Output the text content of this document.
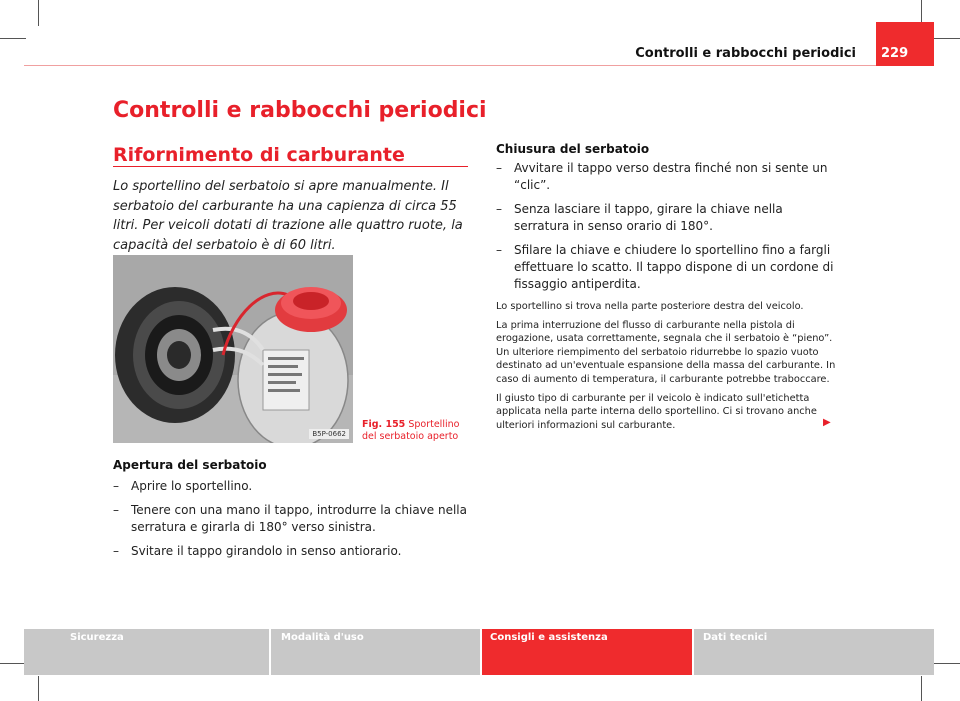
Controlli e rabbocchi periodici 229
Controlli e rabbocchi periodici
Rifornimento di carburante
Lo sportellino del serbatoio si apre manualmente. Il serbatoio del carburante ha una capienza di circa 55 litri. Per veicoli dotati di trazione alle quattro ruote, la capacità del serbatoio è di 60 litri.
B5P-0662
Fig. 155 Sportellino del serbatoio aperto
Apertura del serbatoio
– Aprire lo sportellino.
– Tenere con una mano il tappo, introdurre la chiave nella serratura e girarla di 180° verso sinistra.
– Svitare il tappo girandolo in senso antiorario.
Chiusura del serbatoio
– Avvitare il tappo verso destra finché non si sente un “clic”.
– Senza lasciare il tappo, girare la chiave nella serratura in senso orario di 180°.
– Sfilare la chiave e chiudere lo sportellino fino a fargli effettuare lo scatto. Il tappo dispone di un cordone di fissaggio antiperdita.
Lo sportellino si trova nella parte posteriore destra del veicolo.
La prima interruzione del flusso di carburante nella pistola di erogazione, usata correttamente, segnala che il serbatoio è “pieno”. Un ulteriore riempimento del serbatoio ridurrebbe lo spazio vuoto destinato ad un'eventuale espansione della massa del carburante. In caso di aumento di temperatura, il carburante potrebbe traboccare.
Il giusto tipo di carburante per il veicolo è indicato sull'etichetta applicata nella parte interna dello sportellino. Ci si trovano anche ulteriori informazioni sul carburante.	▶
Sicurezza	Modalità d'uso	Consigli e assistenza	Dati tecnici
